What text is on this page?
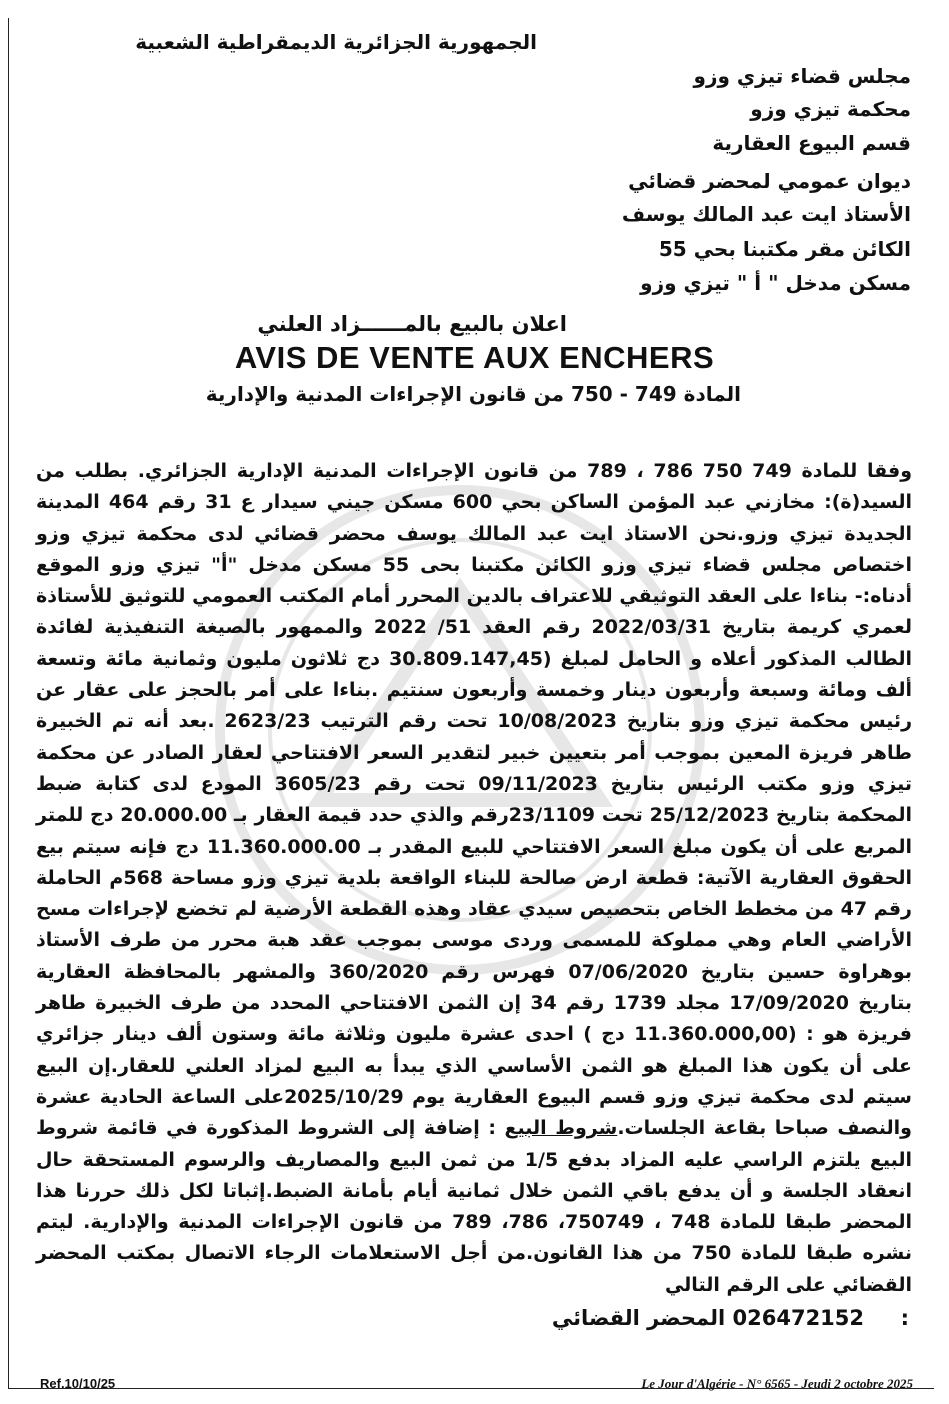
الجمهورية الجزائرية الديمقراطية الشعبية
مجلس قضاء تيزي وزو
محكمة تيزي وزو
قسم البيوع العقارية
ديوان عمومي لمحضر قضائي
الأستاذ ايت عبد المالك يوسف
الكائن مقر مكتبنا بحي 55
مسكن مدخل " أ " تيزي وزو
اعلان بالبيع بالمــــــزاد العلني
AVIS DE VENTE AUX ENCHERS
المادة 749 - 750 من قانون الإجراءات المدنية والإدارية
وفقا للمادة 749 750 786 ، 789 من قانون الإجراءات المدنية الإدارية الجزائري. بطلب من السيد(ة): مخازني عبد المؤمن الساكن بحي 600 مسكن جيني سيدار ع 31 رقم 464 المدينة الجديدة تيزي وزو.نحن الاستاذ ايت عبد المالك يوسف محضر قضائي لدى محكمة تيزي وزو اختصاص مجلس قضاء تيزي وزو الكائن مكتبنا بحى 55 مسكن مدخل "أ" تيزي وزو الموقع أدناه:- بناءا على العقد التوثيقي للاعتراف بالدين المحرر أمام المكتب العمومي للتوثيق للأستاذة لعمري كريمة بتاريخ 2022/03/31 رقم العقد 51/ 2022 والممهور بالصيغة التنفيذية لفائدة الطالب المذكور أعلاه و الحامل لمبلغ (30.809.147,45 دج ثلاثون مليون وثمانية مائة وتسعة ألف ومائة وسبعة وأربعون دينار وخمسة وأربعون سنتيم .بناءا على أمر بالحجز على عقار عن رئيس محكمة تيزي وزو بتاريخ 10/08/2023 تحت رقم الترتيب 2623/23 .بعد أنه تم الخبيرة طاهر فريزة المعين بموجب أمر بتعيين خبير لتقدير السعر الافتتاحي لعقار الصادر عن محكمة تيزي وزو مكتب الرئيس بتاريخ 09/11/2023 تحت رقم 3605/23 المودع لدى كتابة ضبط المحكمة بتاريخ 25/12/2023 تحت 23/1109رقم والذي حدد قيمة العقار بـ 20.000.00 دج للمتر المربع على أن يكون مبلغ السعر الافتتاحي للبيع المقدر بـ 11.360.000.00 دج فإنه سيتم بيع الحقوق العقارية الآتية: قطعة ارض صالحة للبناء الواقعة بلدية تيزي وزو مساحة 568م الحاملة رقم 47 من مخطط الخاص بتحصيص سيدي عقاد وهذه القطعة الأرضية لم تخضع لإجراءات مسح الأراضي العام وهي مملوكة للمسمى وردى موسى بموجب عقد هبة محرر من طرف الأستاذ بوهراوة حسين بتاريخ 07/06/2020 فهرس رقم 360/2020 والمشهر بالمحافظة العقارية بتاريخ 17/09/2020 مجلد 1739 رقم 34 إن الثمن الافتتاحي المحدد من طرف الخبيرة طاهر فريزة هو : (11.360.000,00 دج ) احدى عشرة مليون وثلاثة مائة وستون ألف دينار جزائري على أن يكون هذا المبلغ هو الثمن الأساسي الذي يبدأ به البيع لمزاد العلني للعقار.إن البيع سيتم لدى محكمة تيزي وزو قسم البيوع العقارية يوم 2025/10/29على الساعة الحادية عشرة والنصف صباحا بقاعة الجلسات.شروط البيع : إضافة إلى الشروط المذكورة في قائمة شروط البيع يلتزم الراسي عليه المزاد بدفع 1/5 من ثمن البيع والمصاريف والرسوم المستحقة حال انعقاد الجلسة و أن يدفع باقي الثمن خلال ثمانية أيام بأمانة الضبط.إثباتا لكل ذلك حررنا هذا المحضر طبقا للمادة 748 ، 750749، 786، 789 من قانون الإجراءات المدنية والإدارية. ليتم نشره طبقا للمادة 750 من هذا القانون.من أجل الاستعلامات الرجاء الاتصال بمكتب المحضر القضائي على الرقم التالي
:     026472152 المحضر القضائي
Ref.10/10/25	Le Jour d'Algérie - N° 6565 - Jeudi 2 octobre 2025
